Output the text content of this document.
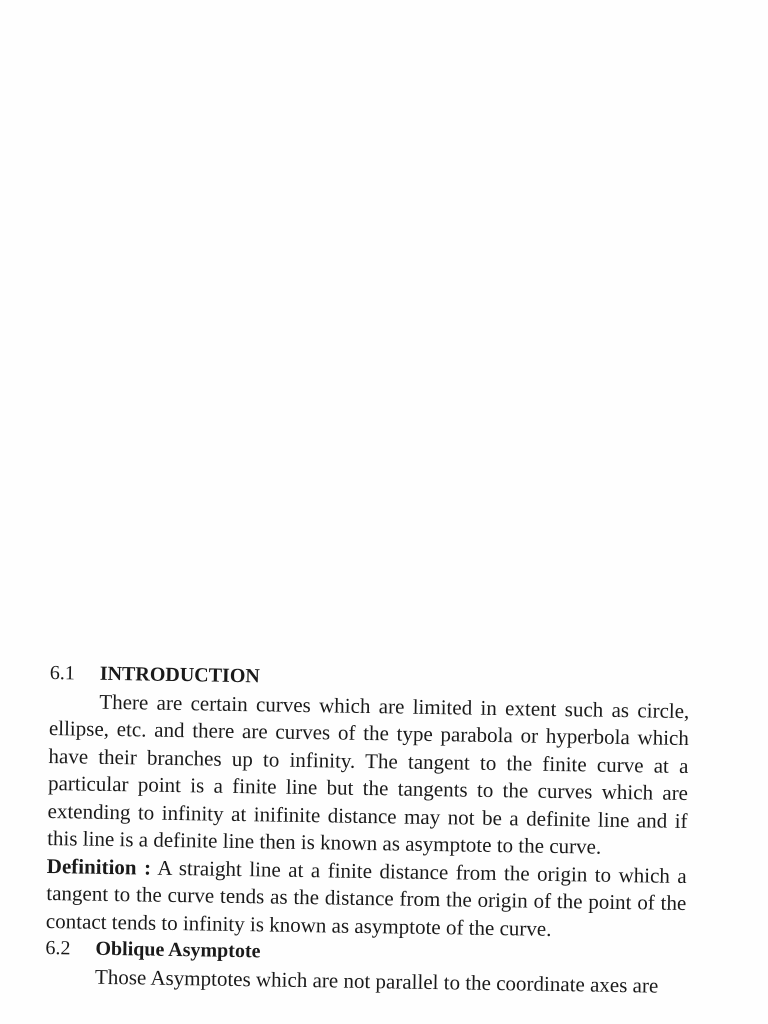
6.1	INTRODUCTION

There are certain curves which are limited in extent such as circle, ellipse, etc. and there are curves of the type parabola or hyperbola which have their branches up to infinity. The tangent to the finite curve at a particular point is a finite line but the tangents to the curves which are extending to infinity at inifinite distance may not be a definite line and if this line is a definite line then is known as asymptote to the curve.

Definition : A straight line at a finite distance from the origin to which a tangent to the curve tends as the distance from the origin of the point of the contact tends to infinity is known as asymptote of the curve.

6.2	Oblique Asymptote

Those Asymptotes which are not parallel to the coordinate axes are
